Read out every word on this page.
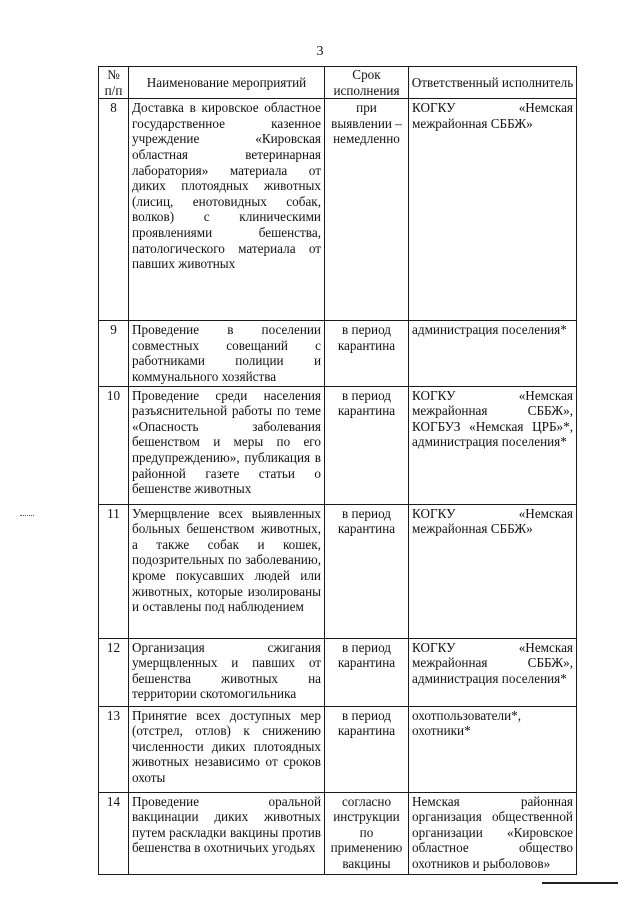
3
№ п/п	Наименование мероприятий	Срок исполнения	Ответственный исполнитель
8	Доставка в кировское областное государственное казенное учреждение «Кировская областная ветеринарная лаборатория» материала от диких плотоядных животных (лисиц, енотовидных собак, волков) с клиническими проявлениями бешенства, патологического материала от павших животных	при выявлении – немедленно	КОГКУ «Немская межрайонная СББЖ»
9	Проведение в поселении совместных совещаний с работниками полиции и коммунального хозяйства	в период карантина	администрация поселения*
10	Проведение среди населения разъяснительной работы по теме «Опасность заболевания бешенством и меры по его предупреждению», публикация в районной газете статьи о бешенстве животных	в период карантина	КОГКУ «Немская межрайонная СББЖ», КОГБУЗ «Немская ЦРБ»*, администрация поселения*
11	Умерщвление всех выявленных больных бешенством животных, а также собак и кошек, подозрительных по заболеванию, кроме покусавших людей или животных, которые изолированы и оставлены под наблюдением	в период карантина	КОГКУ «Немская межрайонная СББЖ»
12	Организация сжигания умерщвленных и павших от бешенства животных на территории скотомогильника	в период карантина	КОГКУ «Немская межрайонная СББЖ», администрация поселения*
13	Принятие всех доступных мер (отстрел, отлов) к снижению численности диких плотоядных животных независимо от сроков охоты	в период карантина	охотпользователи*, охотники*
14	Проведение оральной вакцинации диких животных путем раскладки вакцины против бешенства в охотничьих угодьях	согласно инструкции по применению вакцины	Немская районная организация общественной организации «Кировское областное общество охотников и рыболовов»
